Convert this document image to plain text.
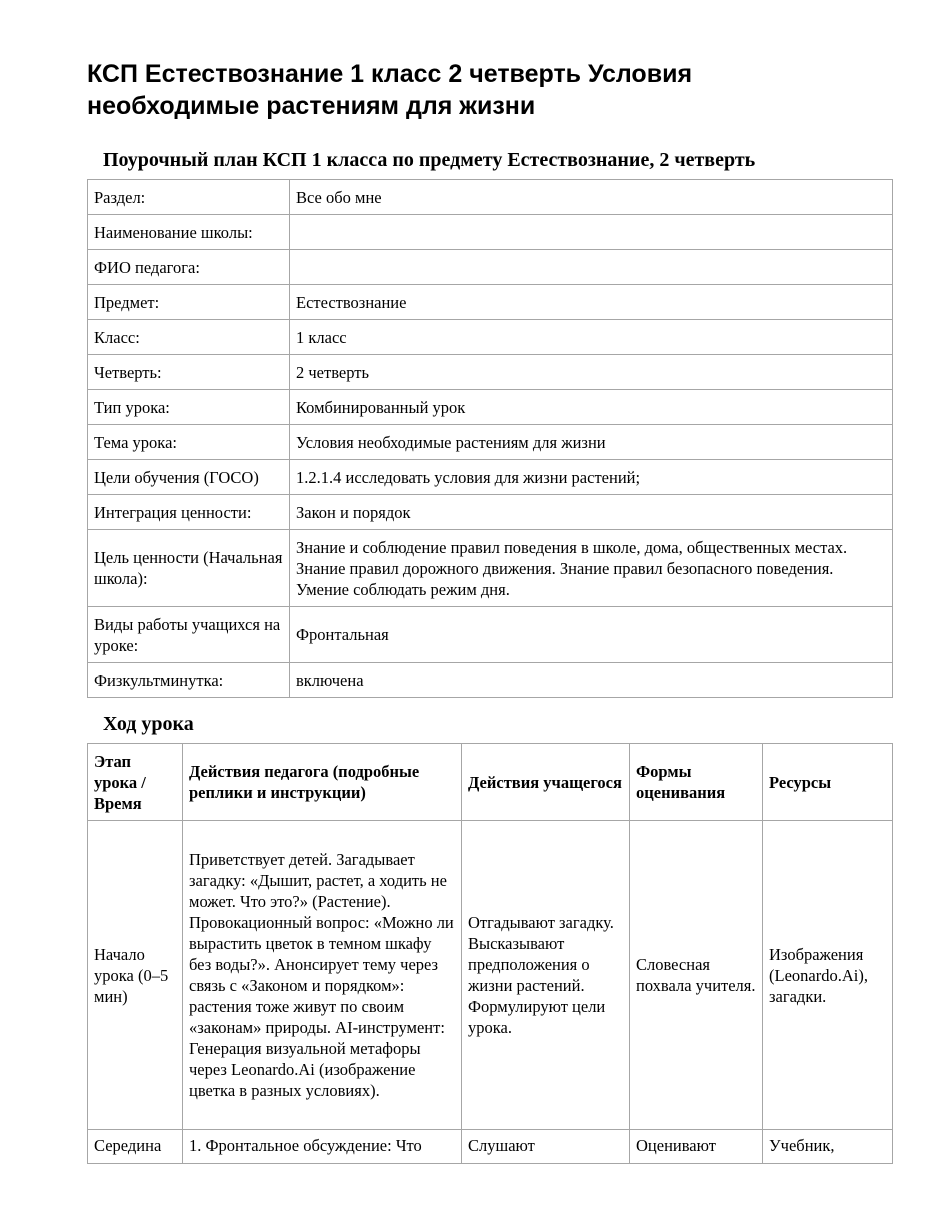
КСП Естествознание 1 класс 2 четверть Условия необходимые растениям для жизни
Поурочный план КСП 1 класса по предмету Естествознание, 2 четверть
Раздел:	Все обо мне
Наименование школы:	
ФИО педагога:	
Предмет:	Естествознание
Класс:	1 класс
Четверть:	2 четверть
Тип урока:	Комбинированный урок
Тема урока:	Условия необходимые растениям для жизни
Цели обучения (ГОСО)	1.2.1.4 исследовать условия для жизни растений;
Интеграция ценности:	Закон и порядок
Цель ценности (Начальная школа):	Знание и соблюдение правил поведения в школе, дома, общественных местах. Знание правил дорожного движения. Знание правил безопасного поведения. Умение соблюдать режим дня.
Виды работы учащихся на уроке:	Фронтальная
Физкультминутка:	включена
Ход урока
Этап урока / Время	Действия педагога (подробные реплики и инструкции)	Действия учащегося	Формы оценивания	Ресурсы
Начало урока (0–5 мин)	Приветствует детей. Загадывает загадку: «Дышит, растет, а ходить не может. Что это?» (Растение). Провокационный вопрос: «Можно ли вырастить цветок в темном шкафу без воды?». Анонсирует тему через связь с «Законом и порядком»: растения тоже живут по своим «законам» природы. AI-инструмент: Генерация визуальной метафоры через Leonardo.Ai (изображение цветка в разных условиях).	Отгадывают загадку. Высказывают предположения о жизни растений. Формулируют цели урока.	Словесная похвала учителя.	Изображения (Leonardo.Ai), загадки.
Середина	1. Фронтальное обсуждение: Что	Слушают	Оценивают	Учебник,
